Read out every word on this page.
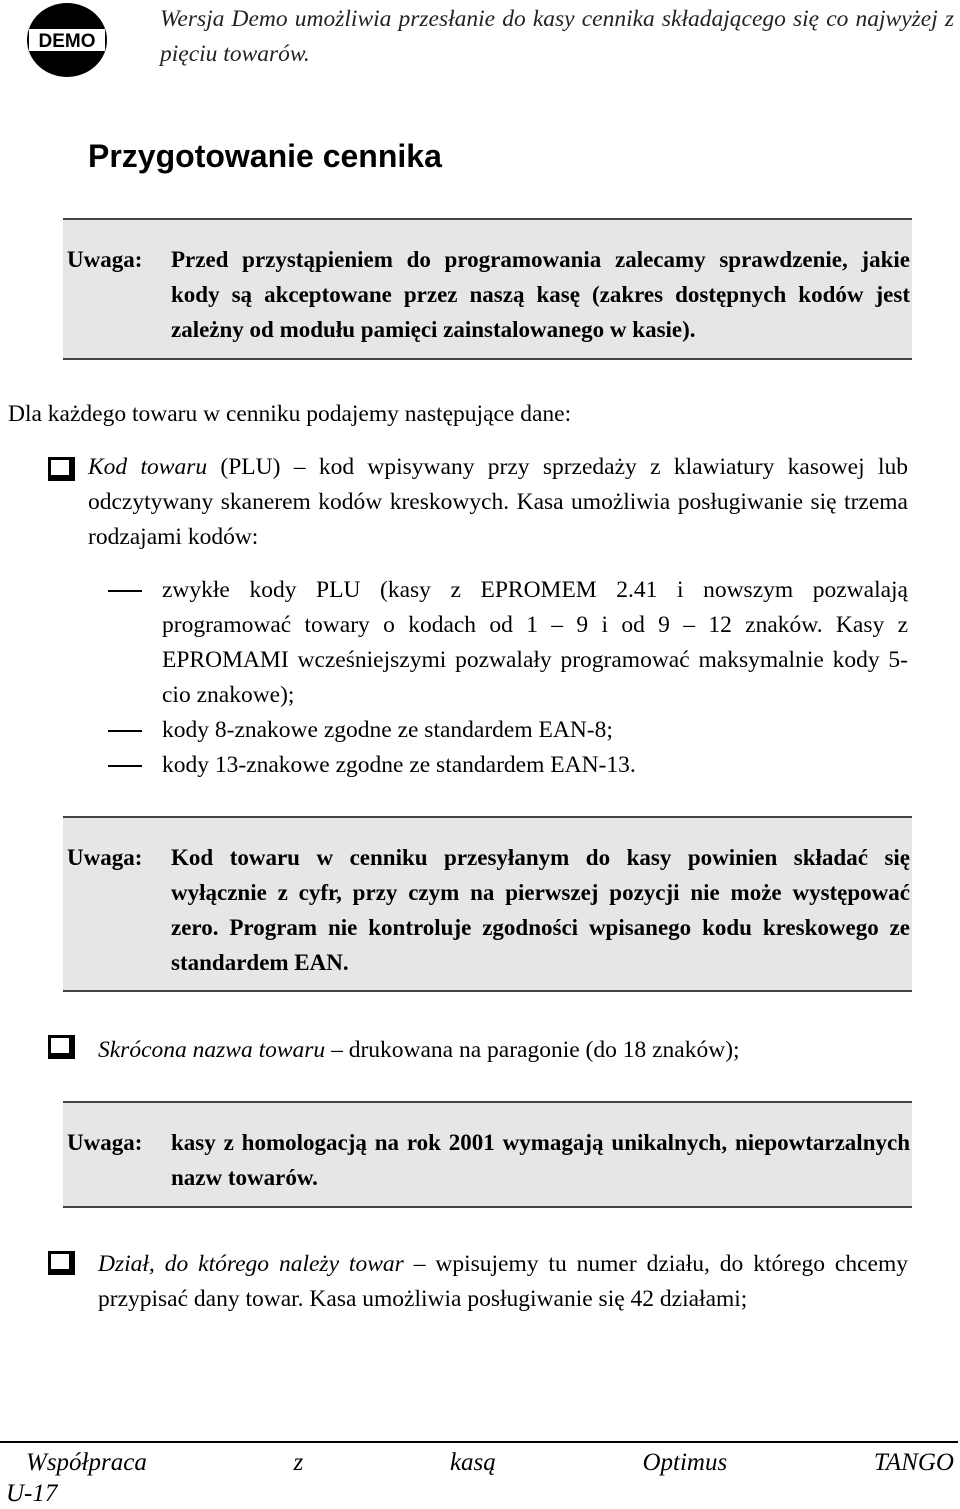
DEMO
Wersja Demo umożliwia przesłanie do kasy cennika składającego się co najwyżej z pięciu towarów.
Przygotowanie cennika
Uwaga: Przed przystąpieniem do programowania zalecamy sprawdzenie, jakie kody są akceptowane przez naszą kasę (zakres dostępnych kodów jest zależny od modułu pamięci zainstalowanego w kasie).
Dla każdego towaru w cenniku podajemy następujące dane:
Kod towaru (PLU) – kod wpisywany przy sprzedaży z klawiatury kasowej lub odczytywany skanerem kodów kreskowych. Kasa umożliwia posługiwanie się trzema rodzajami kodów:
zwykłe kody PLU (kasy z EPROMEM 2.41 i nowszym pozwalają programować towary o kodach od 1 – 9 i od 9 – 12 znaków. Kasy z EPROMAMI wcześniejszymi pozwalały programować maksymalnie kody 5-cio znakowe);
kody 8-znakowe zgodne ze standardem EAN-8;
kody 13-znakowe zgodne ze standardem EAN-13.
Uwaga: Kod towaru w cenniku przesyłanym do kasy powinien składać się wyłącznie z cyfr, przy czym na pierwszej pozycji nie może występować zero. Program nie kontroluje zgodności wpisanego kodu kreskowego ze standardem EAN.
Skrócona nazwa towaru – drukowana na paragonie (do 18 znaków);
Uwaga: kasy z homologacją na rok 2001 wymagają unikalnych, niepowtarzalnych nazw towarów.
Dział, do którego należy towar – wpisujemy tu numer działu, do którego chcemy przypisać dany towar. Kasa umożliwia posługiwanie się 42 działami;
Współpraca	z	kasą	Optimus	TANGO
U-17
